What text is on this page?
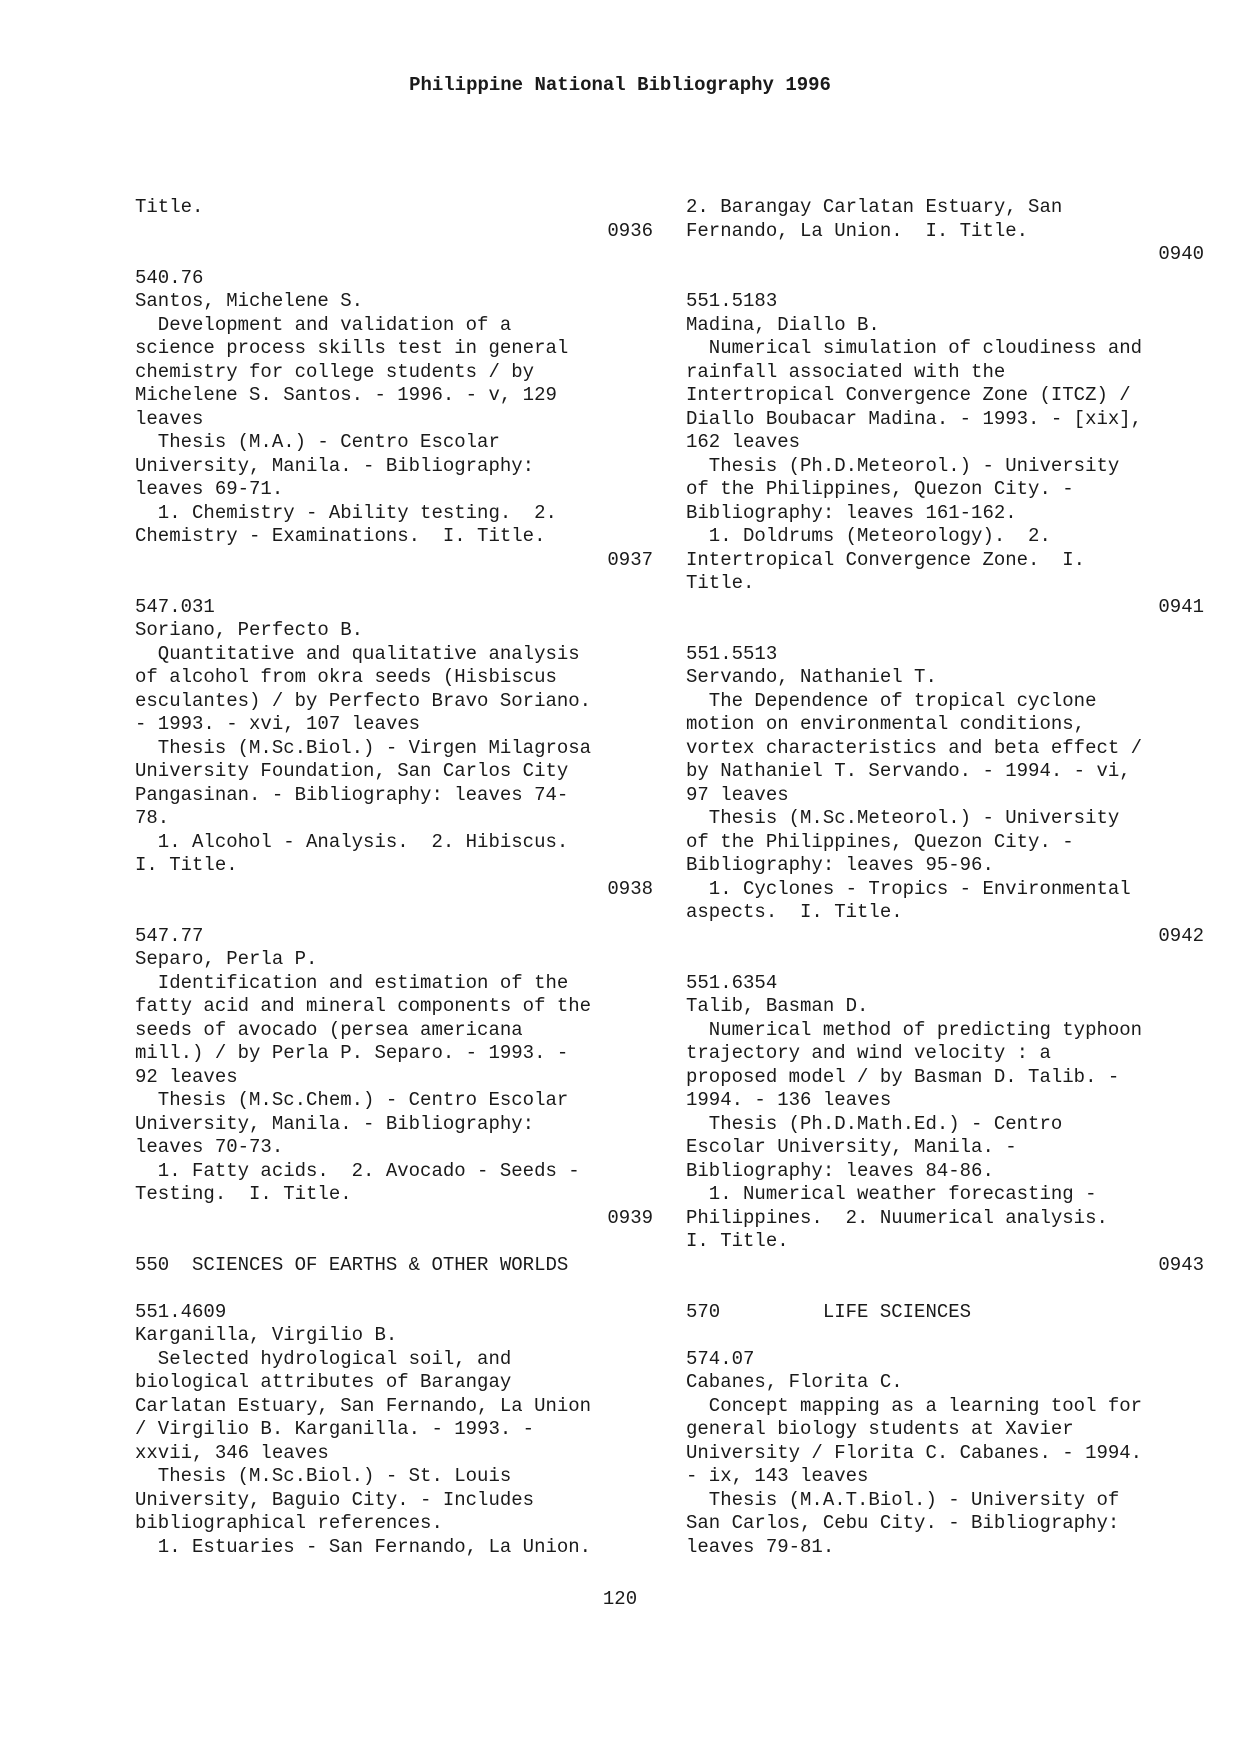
Philippine National Bibliography 1996
Title.
0936
540.76
Santos, Michelene S.
Development and validation of a
science process skills test in general
chemistry for college students / by
Michelene S. Santos. - 1996. - v, 129
leaves
Thesis (M.A.) - Centro Escolar
University, Manila. - Bibliography:
leaves 69-71.
1. Chemistry - Ability testing.  2.
Chemistry - Examinations.  I. Title.
0937
547.031
Soriano, Perfecto B.
Quantitative and qualitative analysis
of alcohol from okra seeds (Hisbiscus
esculantes) / by Perfecto Bravo Soriano.
- 1993. - xvi, 107 leaves
Thesis (M.Sc.Biol.) - Virgen Milagrosa
University Foundation, San Carlos City
Pangasinan. - Bibliography: leaves 74-
78.
1. Alcohol - Analysis.  2. Hibiscus.
I. Title.
0938
547.77
Separo, Perla P.
Identification and estimation of the
fatty acid and mineral components of the
seeds of avocado (persea americana
mill.) / by Perla P. Separo. - 1993. -
92 leaves
Thesis (M.Sc.Chem.) - Centro Escolar
University, Manila. - Bibliography:
leaves 70-73.
1. Fatty acids.  2. Avocado - Seeds -
Testing.  I. Title.
0939
550  SCIENCES OF EARTHS & OTHER WORLDS
551.4609
Karganilla, Virgilio B.
Selected hydrological soil, and
biological attributes of Barangay
Carlatan Estuary, San Fernando, La Union
/ Virgilio B. Karganilla. - 1993. -
xxvii, 346 leaves
Thesis (M.Sc.Biol.) - St. Louis
University, Baguio City. - Includes
bibliographical references.
1. Estuaries - San Fernando, La Union.
2. Barangay Carlatan Estuary, San
Fernando, La Union.  I. Title.
0940
551.5183
Madina, Diallo B.
Numerical simulation of cloudiness and
rainfall associated with the
Intertropical Convergence Zone (ITCZ) /
Diallo Boubacar Madina. - 1993. - [xix],
162 leaves
Thesis (Ph.D.Meteorol.) - University
of the Philippines, Quezon City. -
Bibliography: leaves 161-162.
1. Doldrums (Meteorology).  2.
Intertropical Convergence Zone.  I.
Title.
0941
551.5513
Servando, Nathaniel T.
The Dependence of tropical cyclone
motion on environmental conditions,
vortex characteristics and beta effect /
by Nathaniel T. Servando. - 1994. - vi,
97 leaves
Thesis (M.Sc.Meteorol.) - University
of the Philippines, Quezon City. -
Bibliography: leaves 95-96.
1. Cyclones - Tropics - Environmental
aspects.  I. Title.
0942
551.6354
Talib, Basman D.
Numerical method of predicting typhoon
trajectory and wind velocity : a
proposed model / by Basman D. Talib. -
1994. - 136 leaves
Thesis (Ph.D.Math.Ed.) - Centro
Escolar University, Manila. -
Bibliography: leaves 84-86.
1. Numerical weather forecasting -
Philippines.  2. Nuumerical analysis.
I. Title.
0943
570         LIFE SCIENCES
574.07
Cabanes, Florita C.
Concept mapping as a learning tool for
general biology students at Xavier
University / Florita C. Cabanes. - 1994.
- ix, 143 leaves
Thesis (M.A.T.Biol.) - University of
San Carlos, Cebu City. - Bibliography:
leaves 79-81.
120
